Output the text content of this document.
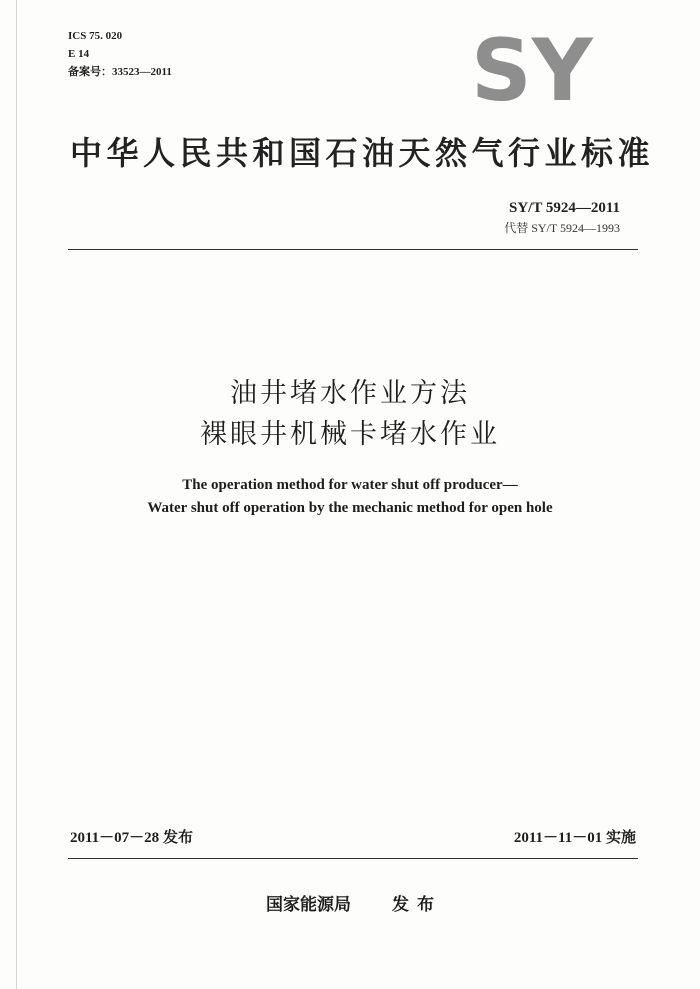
ICS 75. 020
E 14
备案号：33523—2011	SY
中华人民共和国石油天然气行业标准
SY/T 5924—2011
代替 SY/T 5924—1993
油井堵水作业方法
裸眼井机械卡堵水作业
The operation method for water shut off producer—
Water shut off operation by the mechanic method for open hole
2011－07－28 发布	2011－11－01 实施
国家能源局 发布
